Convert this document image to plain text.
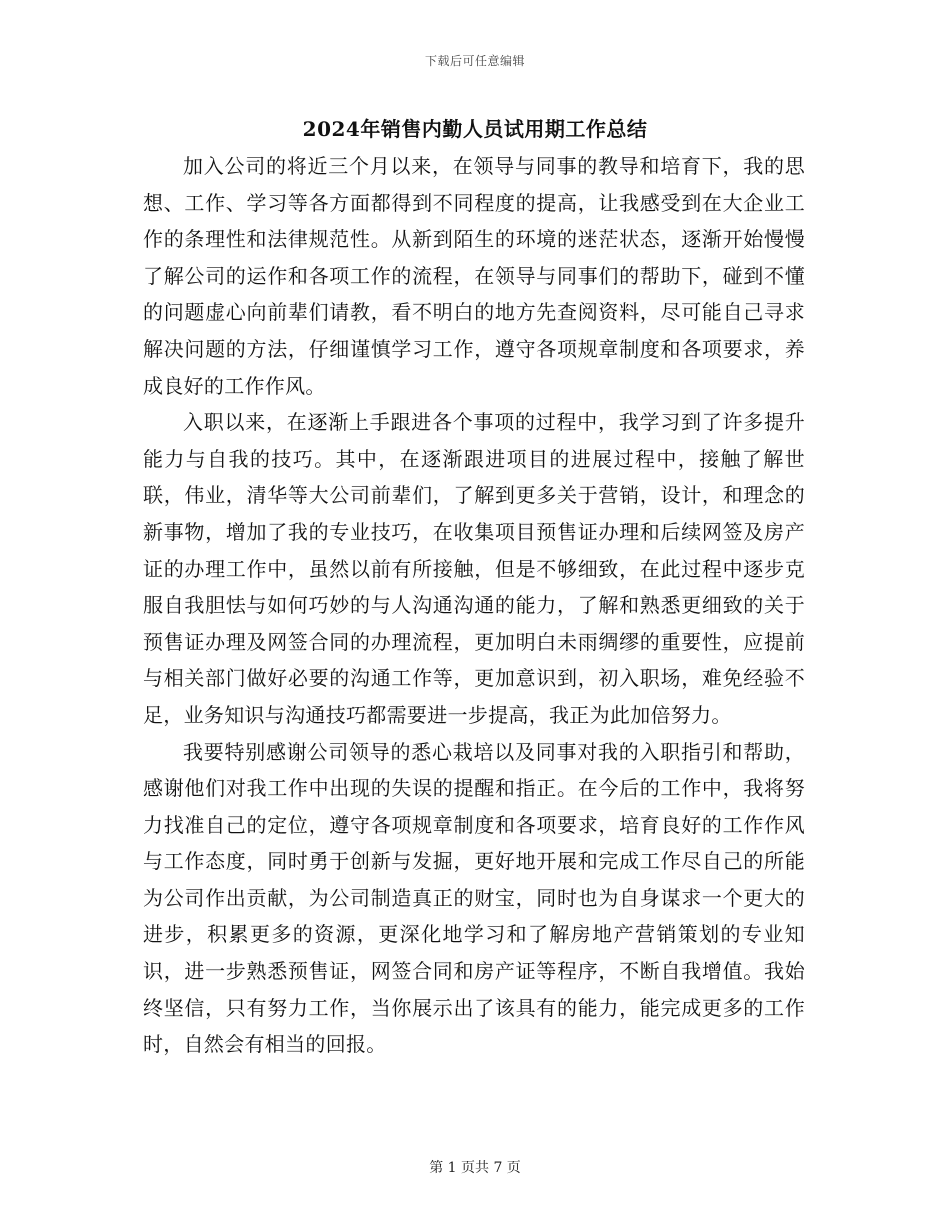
下载后可任意编辑
2024年销售内勤人员试用期工作总结

加入公司的将近三个月以来，在领导与同事的教导和培育下，我的思想、工作、学习等各方面都得到不同程度的提高，让我感受到在大企业工作的条理性和法律规范性。从新到陌生的环境的迷茫状态，逐渐开始慢慢了解公司的运作和各项工作的流程，在领导与同事们的帮助下，碰到不懂的问题虚心向前辈们请教，看不明白的地方先查阅资料，尽可能自己寻求解决问题的方法，仔细谨慎学习工作，遵守各项规章制度和各项要求，养成良好的工作作风。

入职以来，在逐渐上手跟进各个事项的过程中，我学习到了许多提升能力与自我的技巧。其中，在逐渐跟进项目的进展过程中，接触了解世联，伟业，清华等大公司前辈们，了解到更多关于营销，设计，和理念的新事物，增加了我的专业技巧，在收集项目预售证办理和后续网签及房产证的办理工作中，虽然以前有所接触，但是不够细致，在此过程中逐步克服自我胆怯与如何巧妙的与人沟通沟通的能力，了解和熟悉更细致的关于预售证办理及网签合同的办理流程，更加明白未雨绸缪的重要性，应提前与相关部门做好必要的沟通工作等，更加意识到，初入职场，难免经验不足，业务知识与沟通技巧都需要进一步提高，我正为此加倍努力。

我要特别感谢公司领导的悉心栽培以及同事对我的入职指引和帮助，感谢他们对我工作中出现的失误的提醒和指正。在今后的工作中，我将努力找准自己的定位，遵守各项规章制度和各项要求，培育良好的工作作风与工作态度，同时勇于创新与发掘，更好地开展和完成工作尽自己的所能为公司作出贡献，为公司制造真正的财宝，同时也为自身谋求一个更大的进步，积累更多的资源，更深化地学习和了解房地产营销策划的专业知识，进一步熟悉预售证，网签合同和房产证等程序，不断自我增值。我始终坚信，只有努力工作，当你展示出了该具有的能力，能完成更多的工作时，自然会有相当的回报。

第 1 页共 7 页
